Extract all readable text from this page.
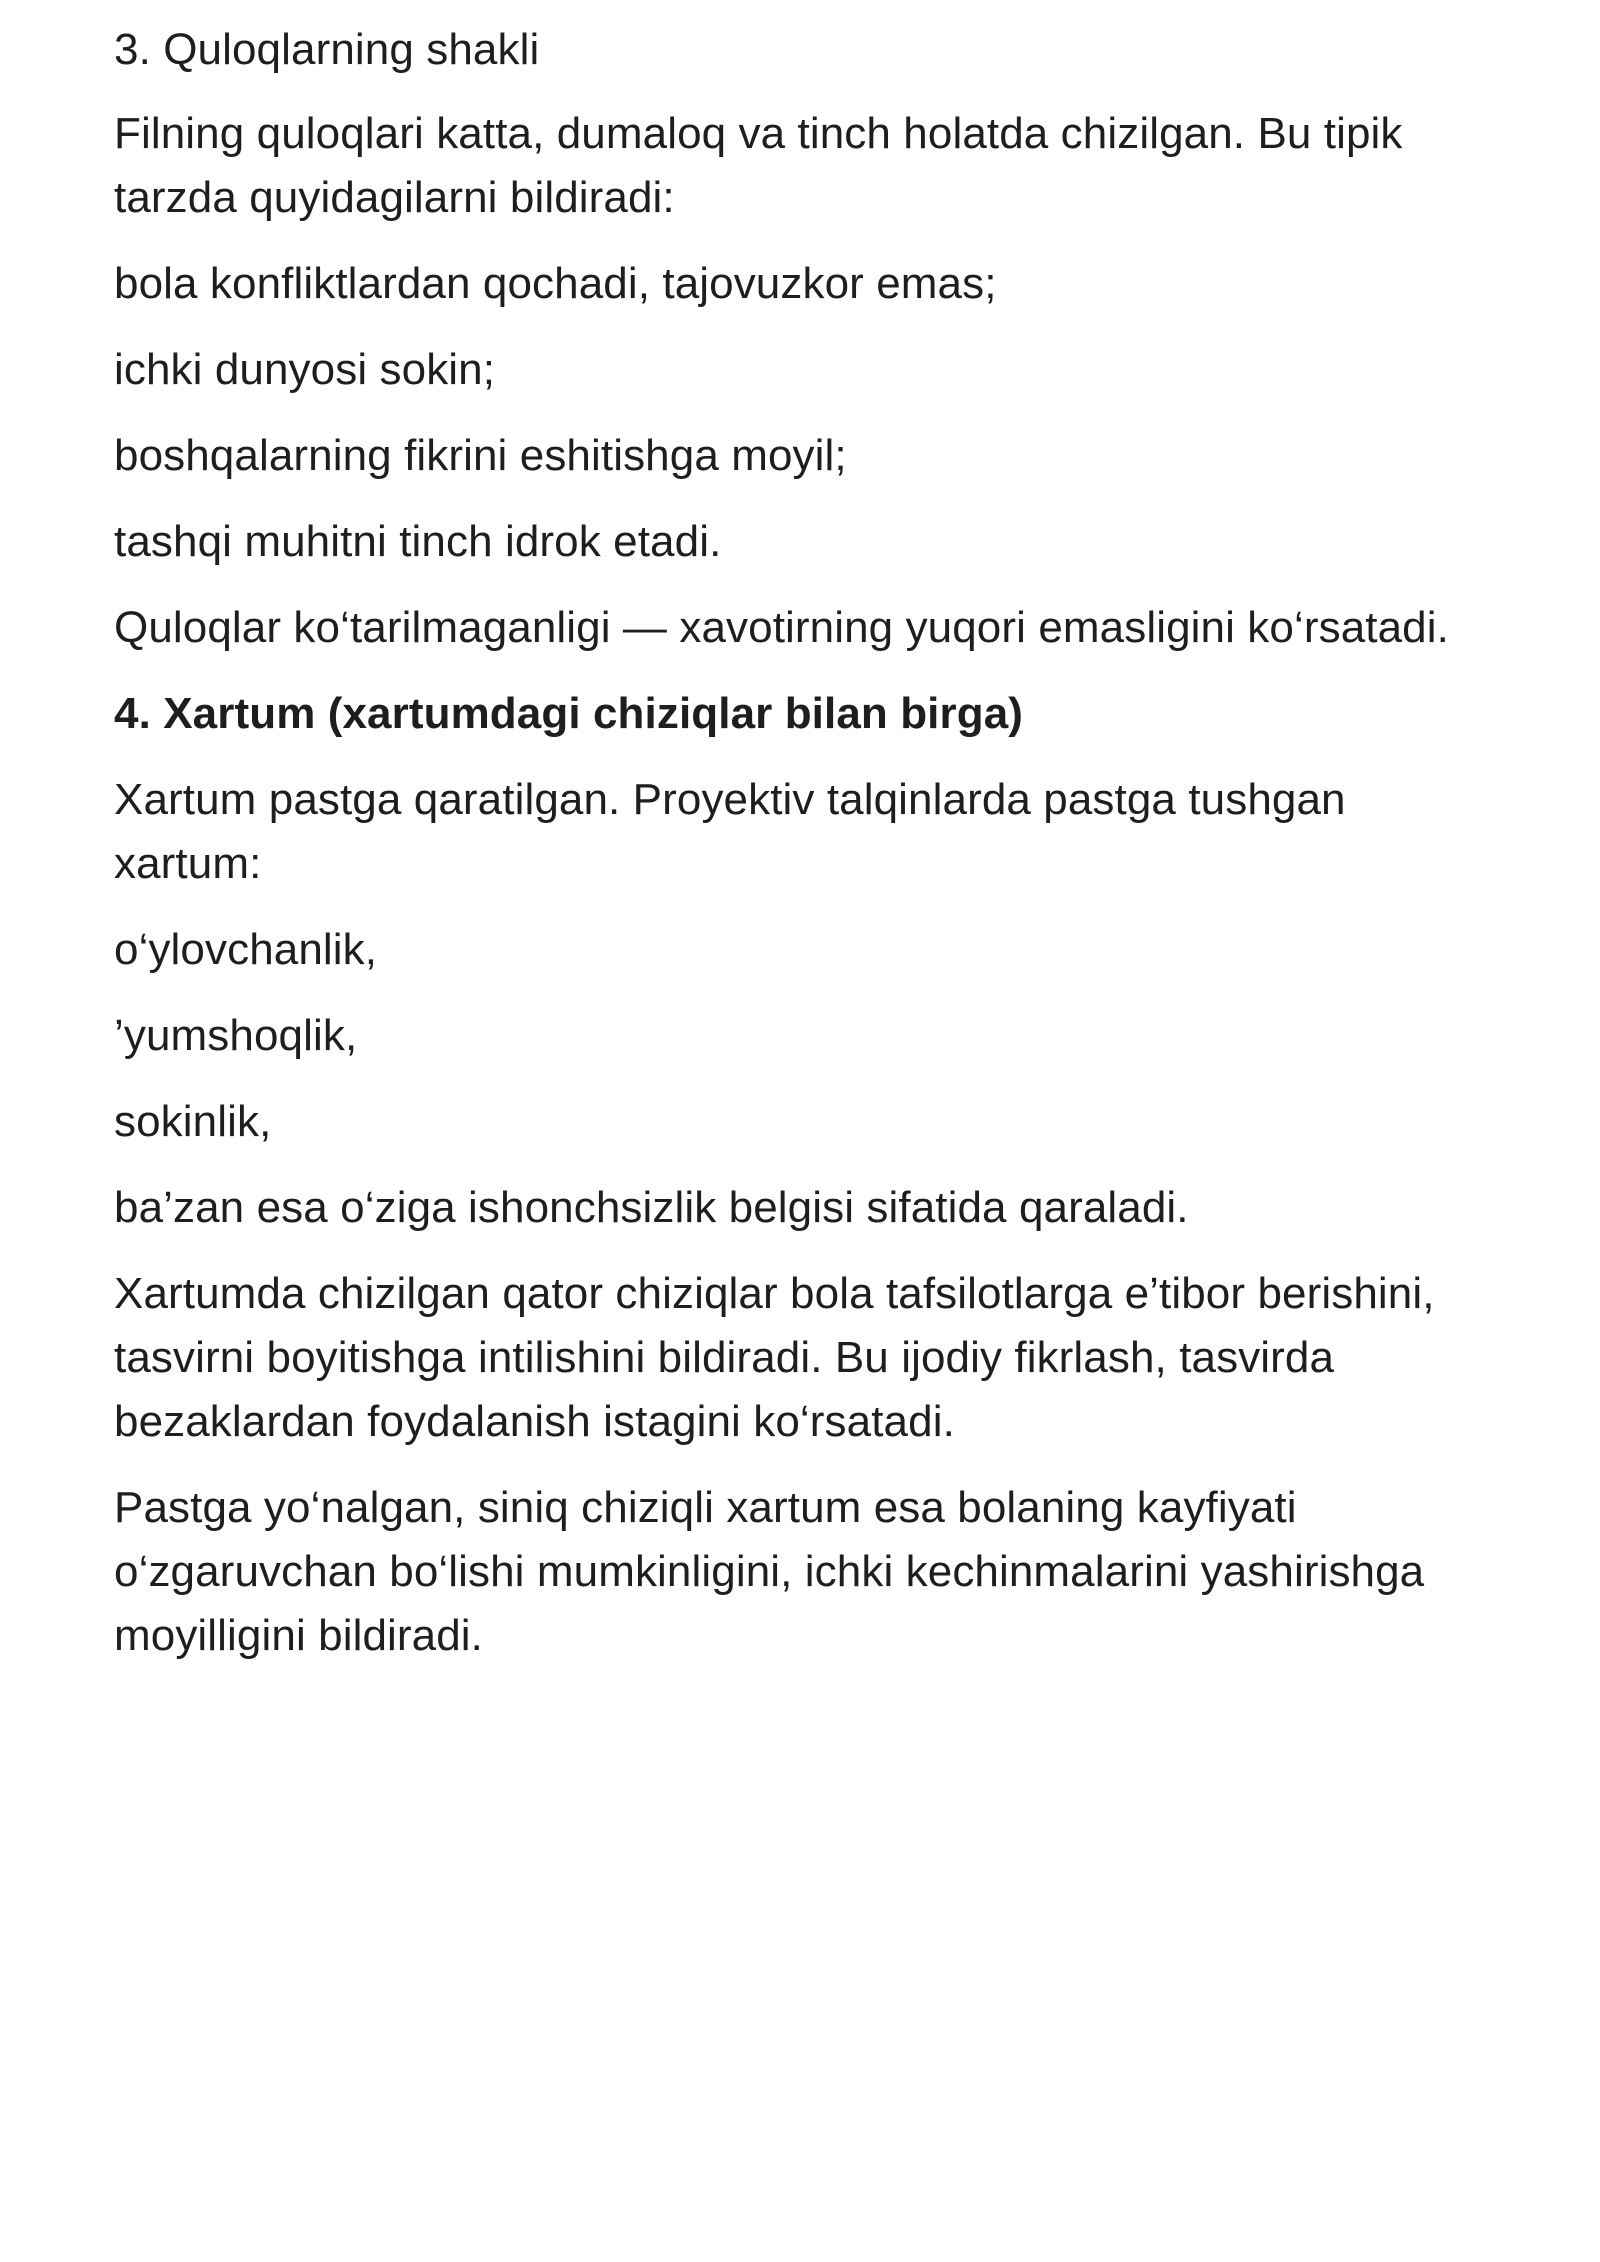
3. Quloqlarning shakli

Filning quloqlari katta, dumaloq va tinch holatda chizilgan. Bu tipik tarzda quyidagilarni bildiradi:

bola konfliktlardan qochadi, tajovuzkor emas;

ichki dunyosi sokin;

boshqalarning fikrini eshitishga moyil;

tashqi muhitni tinch idrok etadi.

Quloqlar ko‘tarilmaganligi — xavotirning yuqori emasligini ko‘rsatadi.

4. Xartum (xartumdagi chiziqlar bilan birga)

Xartum pastga qaratilgan. Proyektiv talqinlarda pastga tushgan xartum:

o‘ylovchanlik,

’yumshoqlik,

sokinlik,

ba’zan esa o‘ziga ishonchsizlik belgisi sifatida qaraladi.

Xartumda chizilgan qator chiziqlar bola tafsilotlarga e’tibor berishini, tasvirni boyitishga intilishini bildiradi. Bu ijodiy fikrlash, tasvirda bezaklardan foydalanish istagini ko‘rsatadi.

Pastga yo‘nalgan, siniq chiziqli xartum esa bolaning kayfiyati o‘zgaruvchan bo‘lishi mumkinligini, ichki kechinmalarini yashirishga moyilligini bildiradi.
